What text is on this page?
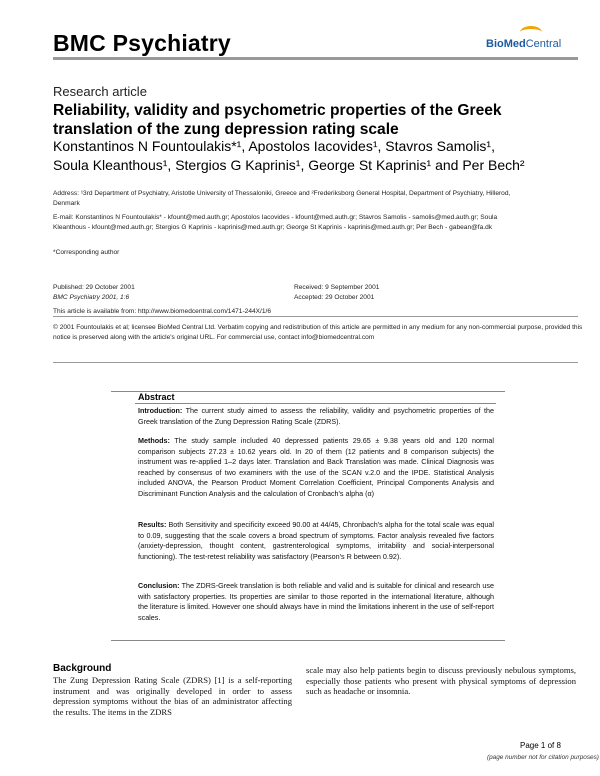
BMC Psychiatry	BioMedCentral
Research article
Reliability, validity and psychometric properties of the Greek translation of the zung depression rating scale
Konstantinos N Fountoulakis*¹, Apostolos Iacovides¹, Stavros Samolis¹,
Soula Kleanthous¹, Stergios G Kaprinis¹, George St Kaprinis¹ and Per Bech²
Address: ¹3rd Department of Psychiatry, Aristotle University of Thessaloniki, Greece and ²Frederiksborg General Hospital, Department of Psychiatry, Hillerod, Denmark
E-mail: Konstantinos N Fountoulakis* - kfount@med.auth.gr; Apostolos Iacovides - kfount@med.auth.gr; Stavros Samolis - samolis@med.auth.gr; Soula Kleanthous - kfount@med.auth.gr; Stergios G Kaprinis - kaprinis@med.auth.gr; George St Kaprinis - kaprinis@med.auth.gr; Per Bech - gabean@fa.dk
*Corresponding author
Published: 29 October 2001
BMC Psychiatry 2001, 1:6
Received: 9 September 2001
Accepted: 29 October 2001
This article is available from: http://www.biomedcentral.com/1471-244X/1/6
© 2001 Fountoulakis et al; licensee BioMed Central Ltd. Verbatim copying and redistribution of this article are permitted in any medium for any non-commercial purpose, provided this notice is preserved along with the article's original URL. For commercial use, contact info@biomedcentral.com
Abstract
Introduction: The current study aimed to assess the reliability, validity and psychometric properties of the Greek translation of the Zung Depression Rating Scale (ZDRS).
Methods: The study sample included 40 depressed patients 29.65 ± 9.38 years old and 120 normal comparison subjects 27.23 ± 10.62 years old. In 20 of them (12 patients and 8 comparison subjects) the instrument was re-applied 1–2 days later. Translation and Back Translation was made. Clinical Diagnosis was reached by consensus of two examiners with the use of the SCAN v.2.0 and the IPDE. Statistical Analysis included ANOVA, the Pearson Product Moment Correlation Coefficient, Principal Components Analysis and Discriminant Function Analysis and the calculation of Cronbach's alpha (α)
Results: Both Sensitivity and specificity exceed 90.00 at 44/45, Chronbach's alpha for the total scale was equal to 0.09, suggesting that the scale covers a broad spectrum of symptoms. Factor analysis revealed five factors (anxiety-depression, thought content, gastrenterological symptoms, irritability and social-interpersonal functioning). The test-retest reliability was satisfactory (Pearson's R between 0.92).
Conclusion: The ZDRS-Greek translation is both reliable and valid and is suitable for clinical and research use with satisfactory properties. Its properties are similar to those reported in the international literature, although the literature is limited. However one should always have in mind the limitations inherent in the use of self-report scales.
Background
The Zung Depression Rating Scale (ZDRS) [1] is a self-reporting instrument and was originally developed in order to assess depression symptoms without the bias of an administrator affecting the results. The items in the ZDRS
scale may also help patients begin to discuss previously nebulous symptoms, especially those patients who present with physical symptoms of depression such as headache or insomnia.
Page 1 of 8
(page number not for citation purposes)
